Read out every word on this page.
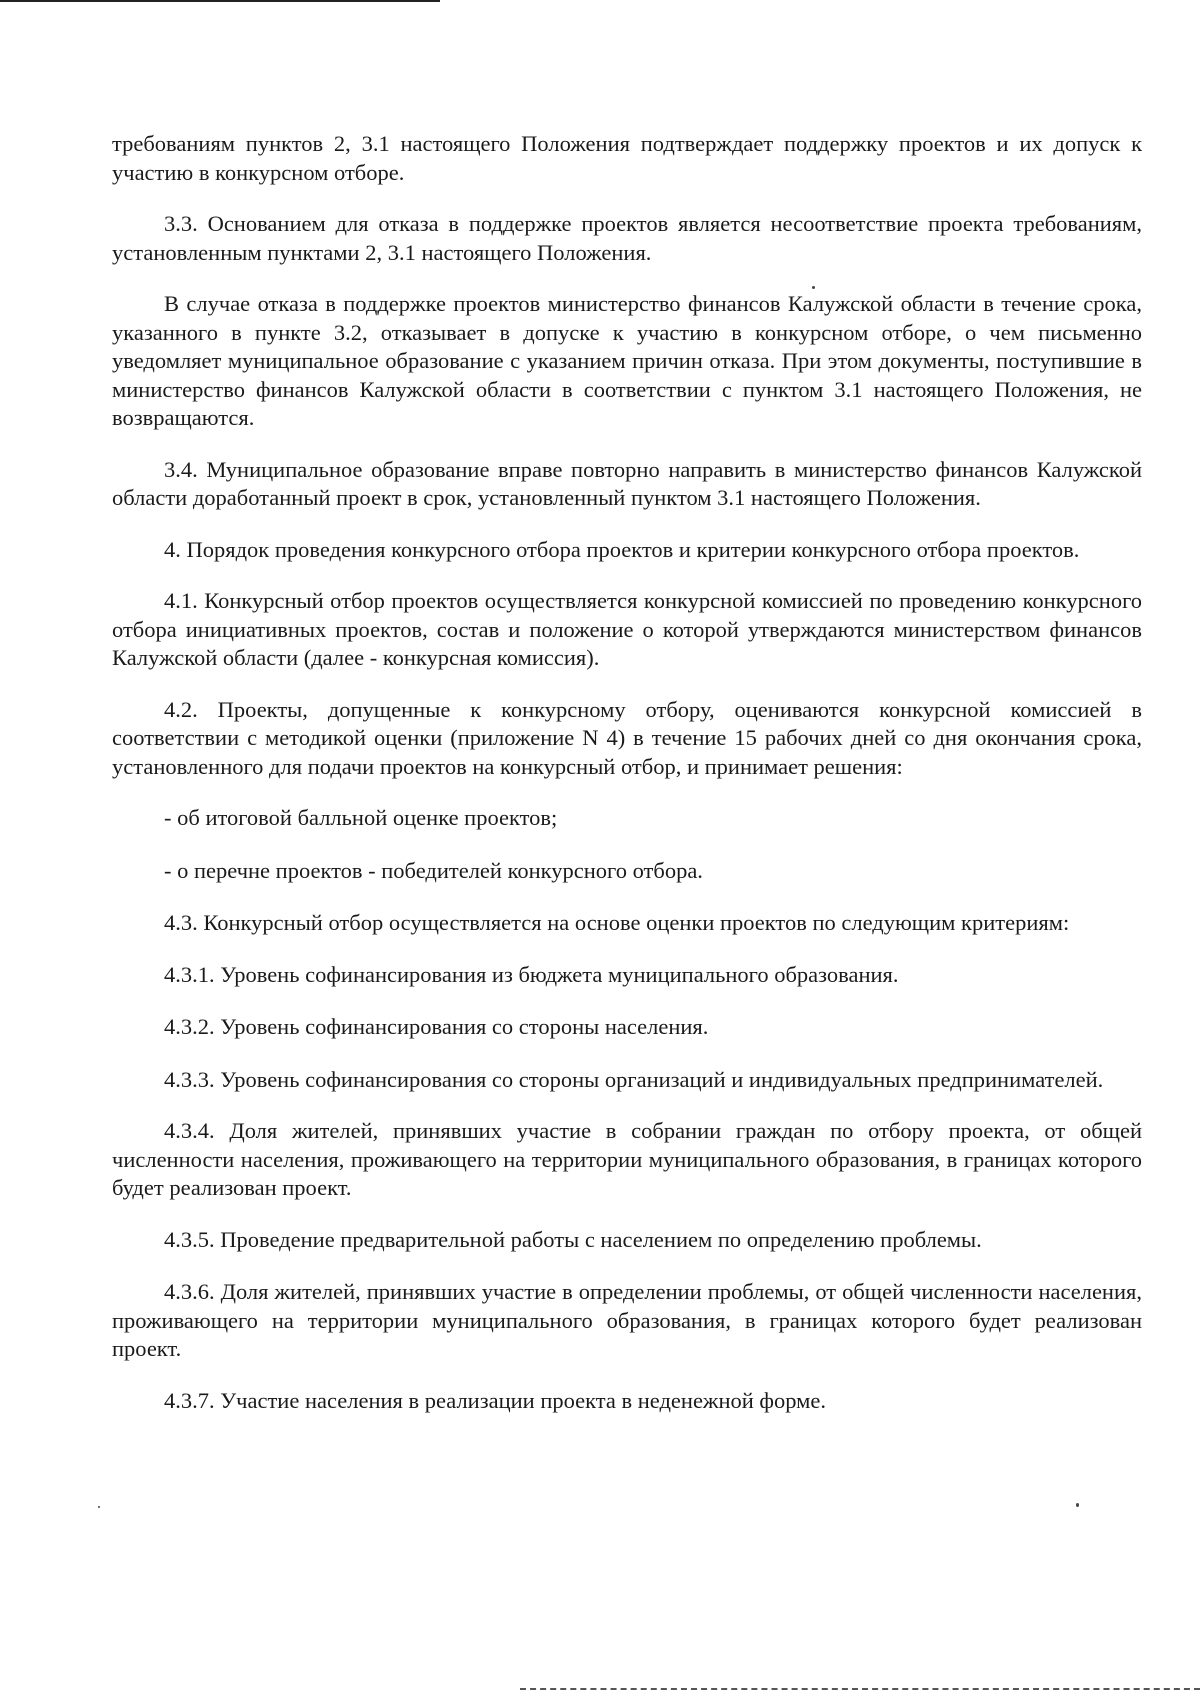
требованиям пунктов 2, 3.1 настоящего Положения подтверждает поддержку проектов и их допуск к участию в конкурсном отборе.

3.3. Основанием для отказа в поддержке проектов является несоответствие проекта требованиям, установленным пунктами 2, 3.1 настоящего Положения.

В случае отказа в поддержке проектов министерство финансов Калужской области в течение срока, указанного в пункте 3.2, отказывает в допуске к участию в конкурсном отборе, о чем письменно уведомляет муниципальное образование с указанием причин отказа. При этом документы, поступившие в министерство финансов Калужской области в соответствии с пунктом 3.1 настоящего Положения, не возвращаются.

3.4. Муниципальное образование вправе повторно направить в министерство финансов Калужской области доработанный проект в срок, установленный пунктом 3.1 настоящего Положения.

4. Порядок проведения конкурсного отбора проектов и критерии конкурсного отбора проектов.

4.1. Конкурсный отбор проектов осуществляется конкурсной комиссией по проведению конкурсного отбора инициативных проектов, состав и положение о которой утверждаются министерством финансов Калужской области (далее - конкурсная комиссия).

4.2. Проекты, допущенные к конкурсному отбору, оцениваются конкурсной комиссией в соответствии с методикой оценки (приложение N 4) в течение 15 рабочих дней со дня окончания срока, установленного для подачи проектов на конкурсный отбор, и принимает решения:

- об итоговой балльной оценке проектов;

- о перечне проектов - победителей конкурсного отбора.

4.3. Конкурсный отбор осуществляется на основе оценки проектов по следующим критериям:

4.3.1. Уровень софинансирования из бюджета муниципального образования.

4.3.2. Уровень софинансирования со стороны населения.

4.3.3. Уровень софинансирования со стороны организаций и индивидуальных предпринимателей.

4.3.4. Доля жителей, принявших участие в собрании граждан по отбору проекта, от общей численности населения, проживающего на территории муниципального образования, в границах которого будет реализован проект.

4.3.5. Проведение предварительной работы с населением по определению проблемы.

4.3.6. Доля жителей, принявших участие в определении проблемы, от общей численности населения, проживающего на территории муниципального образования, в границах которого будет реализован проект.

4.3.7. Участие населения в реализации проекта в неденежной форме.
